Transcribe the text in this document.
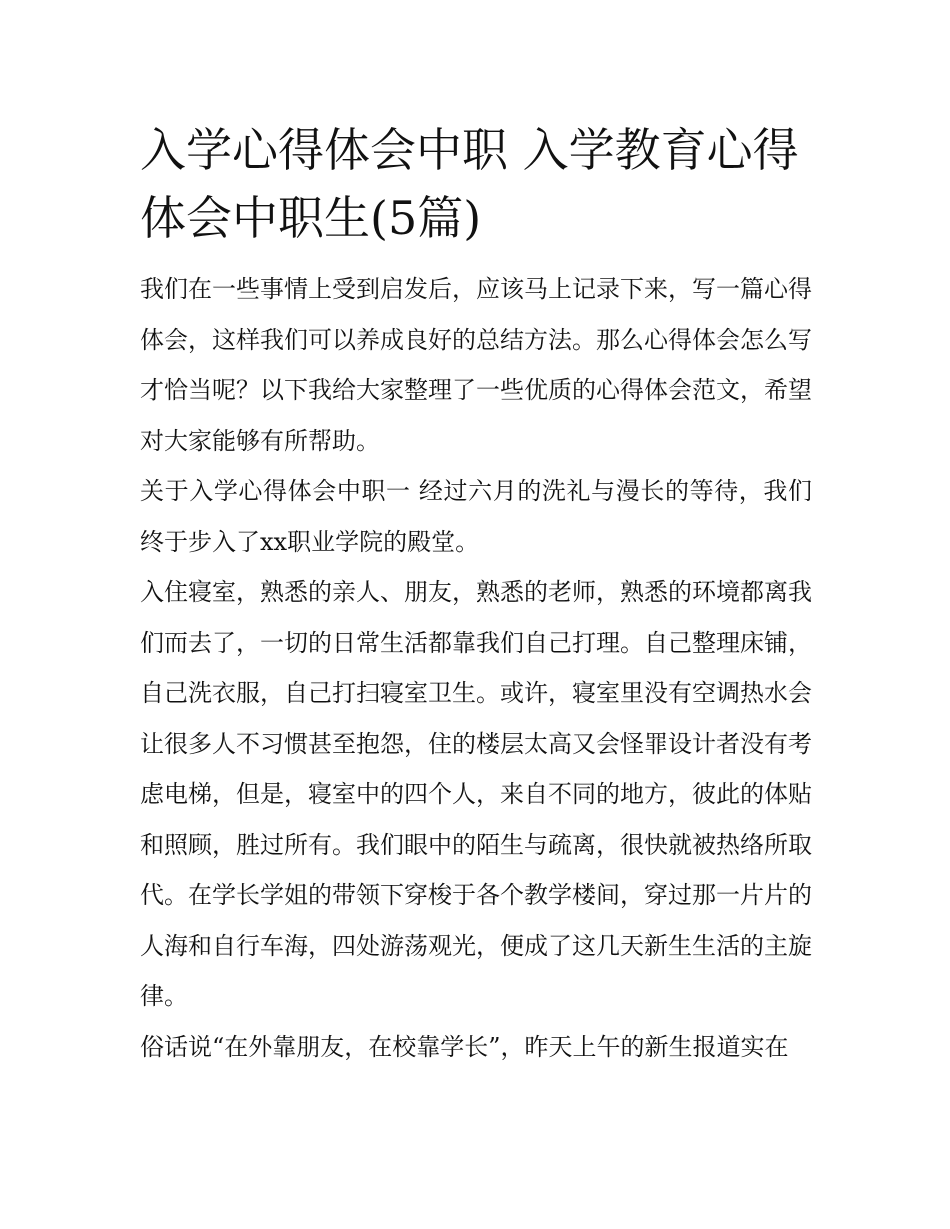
入学心得体会中职 入学教育心得体会中职生(5篇)

我们在一些事情上受到启发后，应该马上记录下来，写一篇心得体会，这样我们可以养成良好的总结方法。那么心得体会怎么写才恰当呢？以下我给大家整理了一些优质的心得体会范文，希望对大家能够有所帮助。

关于入学心得体会中职一 经过六月的洗礼与漫长的等待，我们终于步入了xx职业学院的殿堂。

入住寝室，熟悉的亲人、朋友，熟悉的老师，熟悉的环境都离我们而去了，一切的日常生活都靠我们自己打理。自己整理床铺，自己洗衣服，自己打扫寝室卫生。或许，寝室里没有空调热水会让很多人不习惯甚至抱怨，住的楼层太高又会怪罪设计者没有考虑电梯，但是，寝室中的四个人，来自不同的地方，彼此的体贴和照顾，胜过所有。我们眼中的陌生与疏离，很快就被热络所取代。在学长学姐的带领下穿梭于各个教学楼间，穿过那一片片的人海和自行车海，四处游荡观光，便成了这几天新生生活的主旋律。

俗话说“在外靠朋友，在校靠学长”，昨天上午的新生报道实在
